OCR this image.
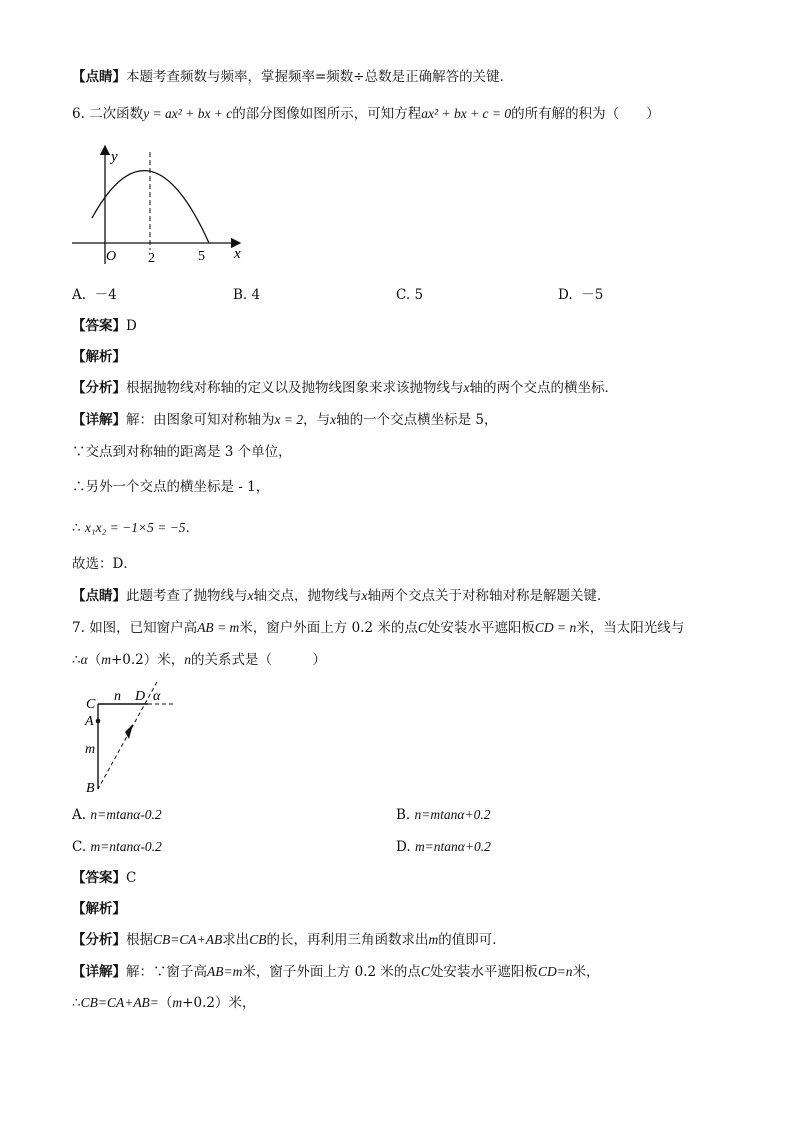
【点睛】本题考查频数与频率，掌握频率=频数÷总数是正确解答的关键．
6. 二次函数y = ax² + bx + c的部分图像如图所示，可知方程ax² + bx + c = 0的所有解的积为（　　）
y
x
O 2	5
A. －4	B. 4	C. 5	D. －5
【答案】D
【解析】
【分析】根据抛物线对称轴的定义以及抛物线图象来求该抛物线与x轴的两个交点的横坐标．
【详解】解：由图象可知对称轴为x = 2，与x轴的一个交点横坐标是 5，
∵交点到对称轴的距离是 3 个单位，
∴另外一个交点的横坐标是 - 1，
∴ x₁x₂ = −1×5 = −5．
故选：D．
【点睛】此题考查了抛物线与x轴交点，抛物线与x轴两个交点关于对称轴对称是解题关键．
7. 如图，已知窗户高AB = m米，窗户外面上方 0.2 米的点C处安装水平遮阳板CD = n米，当太阳光线与
∴α（m+0.2）米，n的关系式是（　　　）
C
A
m
B
n D α
A. n=mtanα-0.2	B. n=mtanα+0.2
C. m=ntanα-0.2	D. m=ntanα+0.2
【答案】C
【解析】
【分析】根据CB=CA+AB求出CB的长，再利用三角函数求出m的值即可．
【详解】解：∵窗子高AB=m米，窗子外面上方 0.2 米的点C处安装水平遮阳板CD=n米，
∴CB=CA+AB=（m+0.2）米，
